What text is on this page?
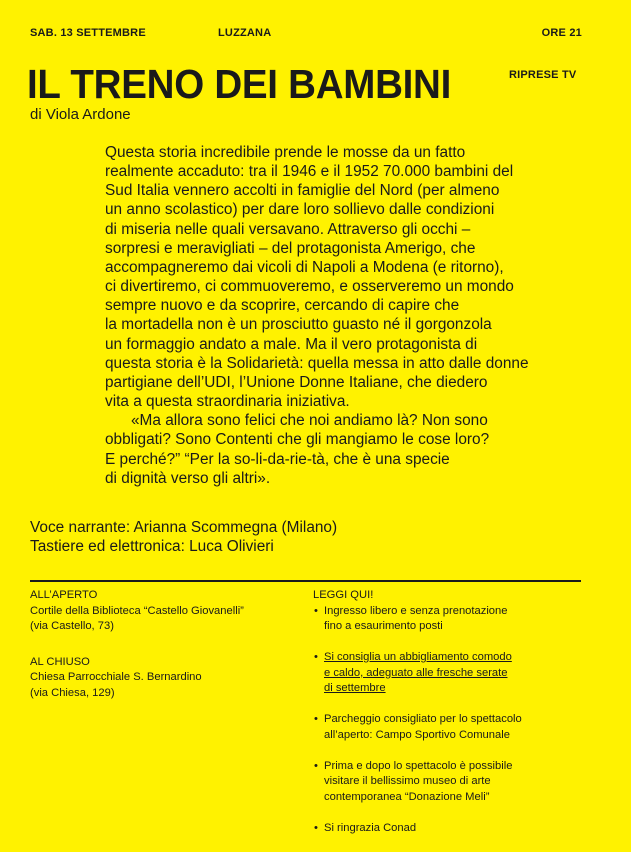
SAB. 13 SETTEMBRE	LUZZANA	ORE 21
IL TRENO DEI BAMBINI	RIPRESE TV
di Viola Ardone

Questa storia incredibile prende le mosse da un fatto
realmente accaduto: tra il 1946 e il 1952 70.000 bambini del
Sud Italia vennero accolti in famiglie del Nord (per almeno
un anno scolastico) per dare loro sollievo dalle condizioni
di miseria nelle quali versavano. Attraverso gli occhi –
sorpresi e meravigliati – del protagonista Amerigo, che
accompagneremo dai vicoli di Napoli a Modena (e ritorno),
ci divertiremo, ci commuoveremo, e osserveremo un mondo
sempre nuovo e da scoprire, cercando di capire che
la mortadella non è un prosciutto guasto né il gorgonzola
un formaggio andato a male. Ma il vero protagonista di
questa storia è la Solidarietà: quella messa in atto dalle donne
partigiane dell’UDI, l’Unione Donne Italiane, che diedero
vita a questa straordinaria iniziativa.

«Ma allora sono felici che noi andiamo là? Non sono
obbligati? Sono Contenti che gli mangiamo le cose loro?
E perché?” “Per la so-li-da-rie-tà, che è una specie
di dignità verso gli altri».

Voce narrante: Arianna Scommegna (Milano)
Tastiere ed elettronica: Luca Olivieri
ALL’APERTO
Cortile della Biblioteca “Castello Giovanelli”
(via Castello, 73)
AL CHIUSO
Chiesa Parrocchiale S. Bernardino
(via Chiesa, 129)
LEGGI QUI!
• Ingresso libero e senza prenotazione
fino a esaurimento posti
• Si consiglia un abbigliamento comodo
e caldo, adeguato alle fresche serate
di settembre
• Parcheggio consigliato per lo spettacolo
all’aperto: Campo Sportivo Comunale
• Prima e dopo lo spettacolo è possibile
visitare il bellissimo museo di arte
contemporanea “Donazione Meli”
• Si ringrazia Conad
